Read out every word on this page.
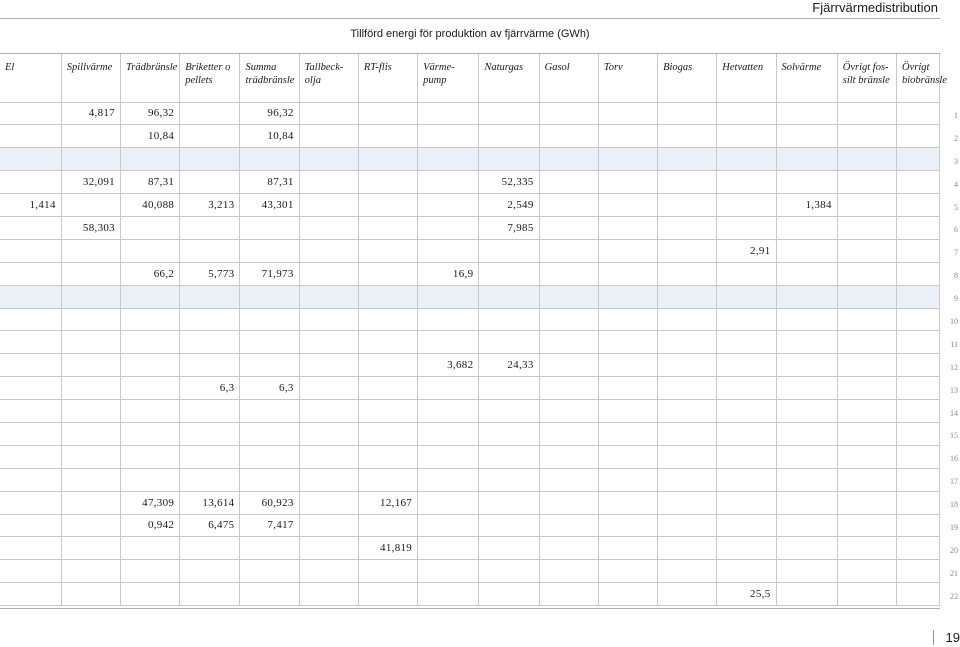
Fjärrvärmedistribution
Tillförd energi för produktion av fjärrvärme (GWh)
El	Spillvärme	Trädbränsle	Briketter o pellets	Summa trädbränsle	Tallbeck-olja	RT-flis	Värme-pump	Naturgas	Gasol	Torv	Biogas	Hetvatten	Solvärme	Övrigt fos-silt bränsle	Övrigt biobränsle
	4,817	96,32		96,32											
		10,84		10,84											

	32,091	87,31		87,31				52,335							
1,414		40,088	3,213	43,301				2,549					1,384		
	58,303							7,985							
												2,91			
		66,2	5,773	71,973			16,9								

							3,682	24,33							
			6,3	6,3											

		47,309	13,614	60,923		12,167									
		0,942	6,475	7,417											
						41,819									

												25,5			
1
2
3
4
5
6
7
8
9
10
11
12
13
14
15
16
17
18
19
20
21
22
19
